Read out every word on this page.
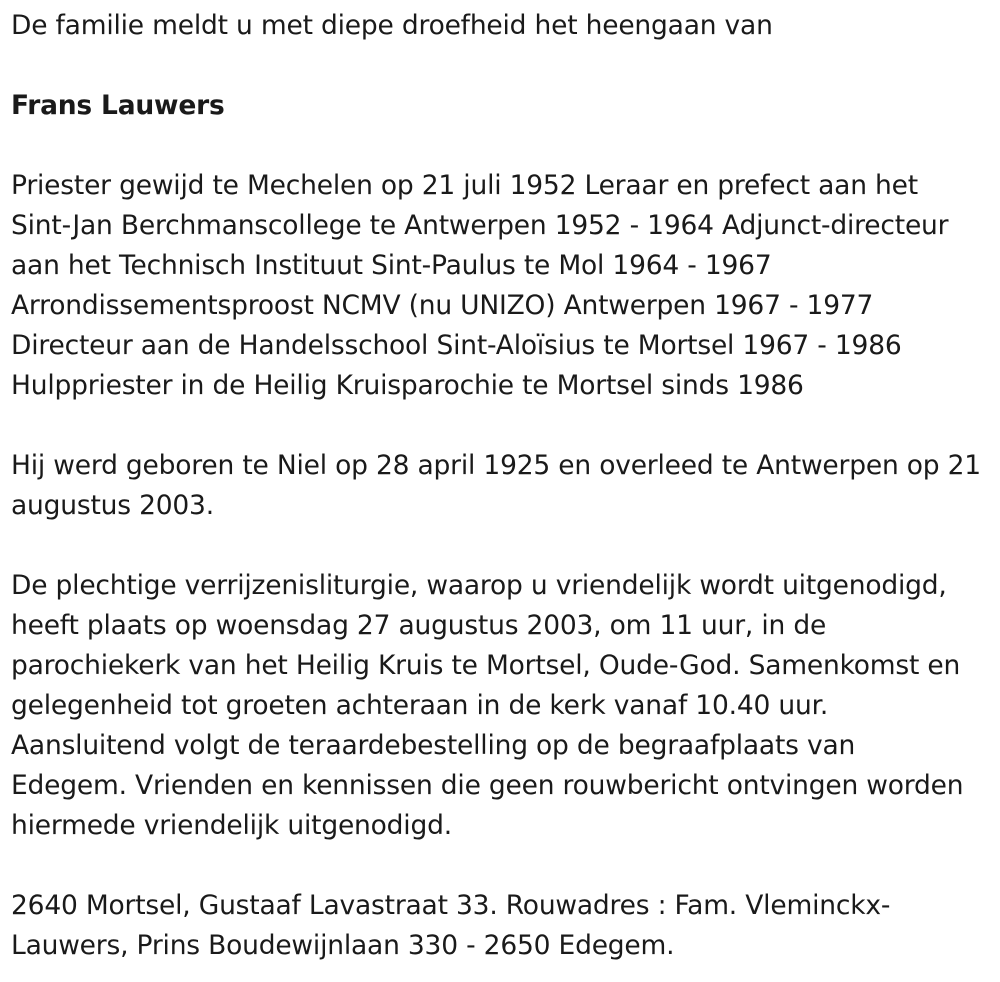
De familie meldt u met diepe droefheid het heengaan van

Frans Lauwers

Priester gewijd te Mechelen op 21 juli 1952 Leraar en prefect aan het

Sint-Jan Berchmanscollege te Antwerpen 1952 - 1964 Adjunct-directeur

aan het Technisch Instituut Sint-Paulus te Mol 1964 - 1967

Arrondissementsproost NCMV (nu UNIZO) Antwerpen 1967 - 1977

Directeur aan de Handelsschool Sint-Aloïsius te Mortsel 1967 - 1986

Hulppriester in de Heilig Kruisparochie te Mortsel sinds 1986

Hij werd geboren te Niel op 28 april 1925 en overleed te Antwerpen op 21

augustus 2003.

De plechtige verrijzenisliturgie, waarop u vriendelijk wordt uitgenodigd,

heeft plaats op woensdag 27 augustus 2003, om 11 uur, in de

parochiekerk van het Heilig Kruis te Mortsel, Oude-God. Samenkomst en

gelegenheid tot groeten achteraan in de kerk vanaf 10.40 uur.

Aansluitend volgt de teraardebestelling op de begraafplaats van

Edegem. Vrienden en kennissen die geen rouwbericht ontvingen worden

hiermede vriendelijk uitgenodigd.

2640 Mortsel, Gustaaf Lavastraat 33. Rouwadres : Fam. Vleminckx-

Lauwers, Prins Boudewijnlaan 330 - 2650 Edegem.
